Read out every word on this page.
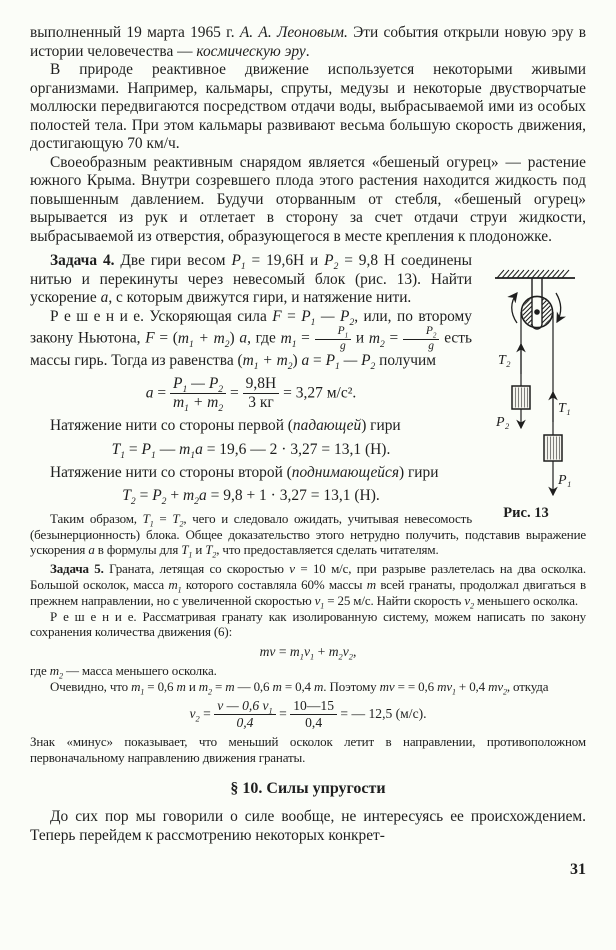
выполненный 19 марта 1965 г. А. А. Леоновым. Эти события открыли новую эру в истории человечества — космическую эру.

В природе реактивное движение используется некоторыми живыми организмами. Например, кальмары, спруты, медузы и некоторые двустворчатые моллюски передвигаются посредством отдачи воды, выбрасываемой ими из особых полостей тела. При этом кальмары развивают весьма большую скорость движения, достигающую 70 км/ч.

Своеобразным реактивным снарядом является «бешеный огурец» — растение южного Крыма. Внутри созревшего плода этого растения находится жидкость под повышенным давлением. Будучи оторванным от стебля, «бешеный огурец» вырывается из рук и отлетает в сторону за счет отдачи струи жидкости, выбрасываемой из отверстия, образующегося в месте крепления к плодоножке.

T₂
P₂
T₁
P₁
Рис. 13

Задача 4. Две гири весом $P_1 = 19,6Н$ и $P_2 = 9,8$ Н соединены нитью и перекинуты через невесомый блок (рис. 13). Найти ускорение a, с которым движутся гири, и натяжение нити.

Р е ш е н и е. Ускоряющая сила $F = P_1$ — $P_2$, или, по второму закону Ньютона, $F = (m_1 + m_2)$ a, где $m_1 = \frac{P_1}{g}$ и $m_2 = \frac{P_2}{g}$ есть массы гирь. Тогда из равенства $(m_1 + m_2) a = P_1$ — $P_2$ получим

$a = \frac{P_1 — P_2}{m_1 + m_2} = \frac{9,8Н}{3 кг} = 3,27$ м/с².

Натяжение нити со стороны первой (падающей) гири

$T_1 = P_1$ — $m_1a = 19,6$ — 2 · 3,27 = 13,1 (Н).

Натяжение нити со стороны второй (поднимающейся) гири

$T_2 = P_2 + m_2a = 9,8 + 1 \cdot 3,27 = 13,1$ (Н).

Таким образом, $T_1 = T_2$, чего и следовало ожидать, учитывая невесомость (безынерционность) блока. Общее доказательство этого нетрудно получить, подставив выражение ускорения a в формулы для $T_1$ и $T_2$, что предоставляется сделать читателям.

Задача 5. Граната, летящая со скоростью v = 10 м/с, при разрыве разлетелась на два осколка. Большой осколок, масса $m_1$ которого составляла 60% массы m всей гранаты, продолжал двигаться в прежнем направлении, но с увеличенной скоростью $v_1 = 25$ м/с. Найти скорость $v_2$ меньшего осколка.

Р е ш е н и е. Рассматривая гранату как изолированную систему, можем написать по закону сохранения количества движения (6):

mv = $m_1v_1 + m_2v_2$,

где $m_2$ — масса меньшего осколка.

Очевидно, что $m_1 = 0,6$ m и $m_2 = m$ — 0,6 m = 0,4 m. Поэтому mv = = 0,6 $mv_1 + 0,4$ $mv_2$, откуда

$v_2 = \frac{v — 0,6 v_1}{0,4} = \frac{10—15}{0,4}$ = — 12,5 (м/с).

Знак «минус» показывает, что меньший осколок летит в направлении, противоположном первоначальному направлению движения гранаты.

§ 10. Силы упругости

До сих пор мы говорили о силе вообще, не интересуясь ее происхождением. Теперь перейдем к рассмотрению некоторых конкрет-

31
